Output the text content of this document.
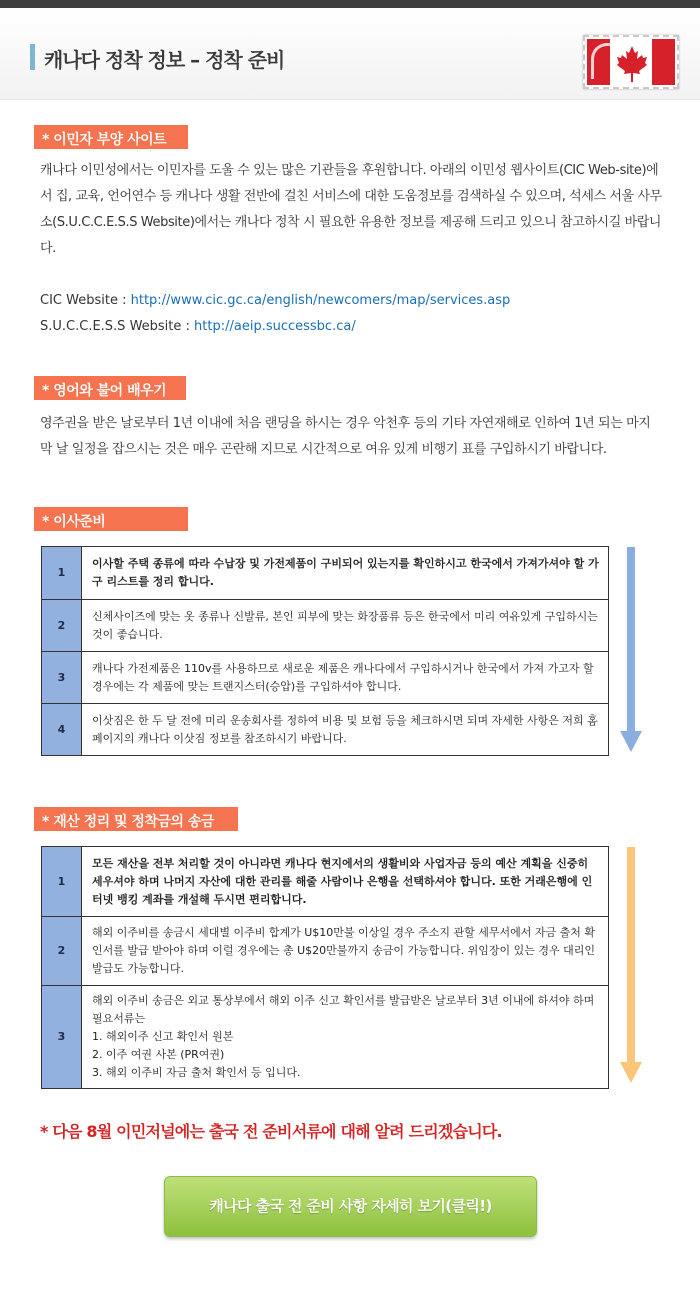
캐나다 정착 정보 – 정착 준비
* 이민자 부양 사이트
캐나다 이민성에서는 이민자를 도울 수 있는 많은 기관들을 후원합니다. 아래의 이민성 웹사이트(CIC Web-site)에서 집, 교육, 언어연수 등 캐나다 생활 전반에 걸친 서비스에 대한 도움정보를 검색하실 수 있으며, 석세스 서울 사무소(S.U.C.C.E.S.S Website)에서는 캐나다 정착 시 필요한 유용한 정보를 제공해 드리고 있으니 참고하시길 바랍니다.
CIC Website : http://www.cic.gc.ca/english/newcomers/map/services.asp
S.U.C.C.E.S.S Website : http://aeip.successbc.ca/
* 영어와 불어 배우기
영주권을 받은 날로부터 1년 이내에 처음 랜딩을 하시는 경우 악천후 등의 기타 자연재해로 인하여 1년 되는 마지막 날 일정을 잡으시는 것은 매우 곤란해 지므로 시간적으로 여유 있게 비행기 표를 구입하시기 바랍니다.
* 이사준비
1	이사할 주택 종류에 따라 수납장 및 가전제품이 구비되어 있는지를 확인하시고 한국에서 가져가셔야 할 가구 리스트를 정리 합니다.
2	신체사이즈에 맞는 옷 종류나 신발류, 본인 피부에 맞는 화장품류 등은 한국에서 미리 여유있게 구입하시는 것이 좋습니다.
3	캐나다 가전제품은 110v를 사용하므로 새로운 제품은 캐나다에서 구입하시거나 한국에서 가져 가고자 할 경우에는 각 제품에 맞는 트랜지스터(승압)를 구입하셔야 합니다.
4	이삿짐은 한 두 달 전에 미리 운송회사를 정하여 비용 및 보험 등을 체크하시면 되며 자세한 사항은 저희 홈페이지의 캐나다 이삿짐 정보를 참조하시기 바랍니다.
* 재산 정리 및 정착금의 송금
1	모든 재산을 전부 처리할 것이 아니라면 캐나다 현지에서의 생활비와 사업자금 등의 예산 계획을 신중히 세우셔야 하며 나머지 자산에 대한 관리를 해줄 사람이나 은행을 선택하셔야 합니다. 또한 거래은행에 인터넷 뱅킹 계좌를 개설해 두시면 편리합니다.
2	해외 이주비를 송금시 세대별 이주비 합계가 U$10만불 이상일 경우 주소지 관할 세무서에서 자금 출처 확인서를 발급 받아야 하며 이럴 경우에는 총 U$20만불까지 송금이 가능합니다. 위임장이 있는 경우 대리인 발급도 가능합니다.
3	해외 이주비 송금은 외교 통상부에서 해외 이주 신고 확인서를 발급받은 날로부터 3년 이내에 하셔야 하며 필요서류는
1. 해외이주 신고 확인서 원본
2. 이주 여권 사본 (PR여권)
3. 해외 이주비 자금 출처 확인서 등 입니다.
* 다음 8월 이민저널에는 출국 전 준비서류에 대해 알려 드리겠습니다.
캐나다 출국 전 준비 사항 자세히 보기(클릭!)
